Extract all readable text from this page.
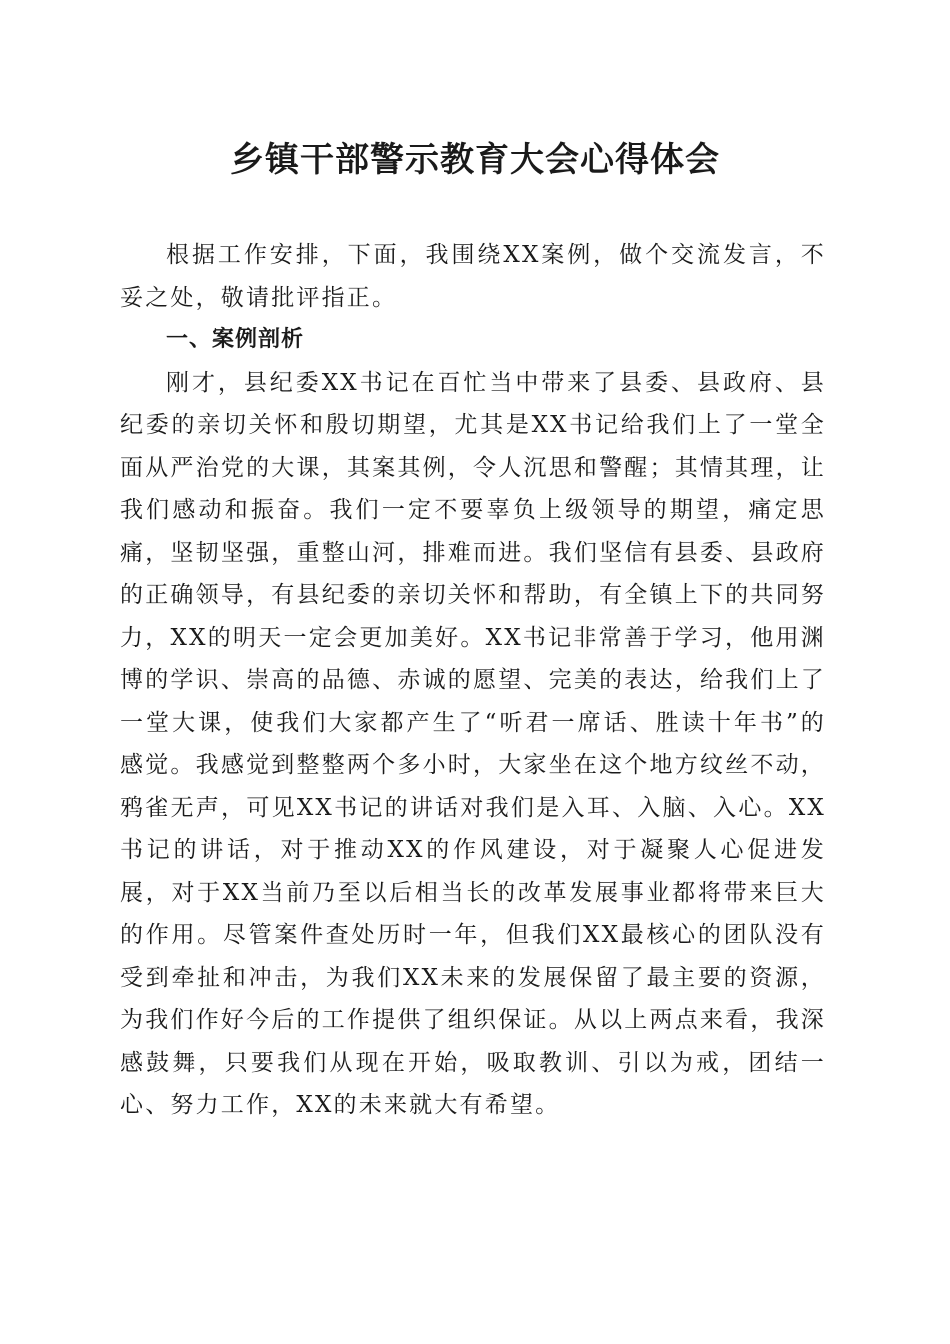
乡镇干部警示教育大会心得体会

根据工作安排，下面，我围绕XX案例，做个交流发言，不妥之处，敬请批评指正。

一、案例剖析

刚才，县纪委XX书记在百忙当中带来了县委、县政府、县纪委的亲切关怀和殷切期望，尤其是XX书记给我们上了一堂全面从严治党的大课，其案其例，令人沉思和警醒；其情其理，让我们感动和振奋。我们一定不要辜负上级领导的期望，痛定思痛，坚韧坚强，重整山河，排难而进。我们坚信有县委、县政府的正确领导，有县纪委的亲切关怀和帮助，有全镇上下的共同努力，XX的明天一定会更加美好。XX书记非常善于学习，他用渊博的学识、崇高的品德、赤诚的愿望、完美的表达，给我们上了一堂大课，使我们大家都产生了“听君一席话、胜读十年书”的感觉。我感觉到整整两个多小时，大家坐在这个地方纹丝不动，鸦雀无声，可见XX书记的讲话对我们是入耳、入脑、入心。XX书记的讲话，对于推动XX的作风建设，对于凝聚人心促进发展，对于XX当前乃至以后相当长的改革发展事业都将带来巨大的作用。尽管案件查处历时一年，但我们XX最核心的团队没有受到牵扯和冲击，为我们XX未来的发展保留了最主要的资源，为我们作好今后的工作提供了组织保证。从以上两点来看，我深感鼓舞，只要我们从现在开始，吸取教训、引以为戒，团结一心、努力工作，XX的未来就大有希望。
